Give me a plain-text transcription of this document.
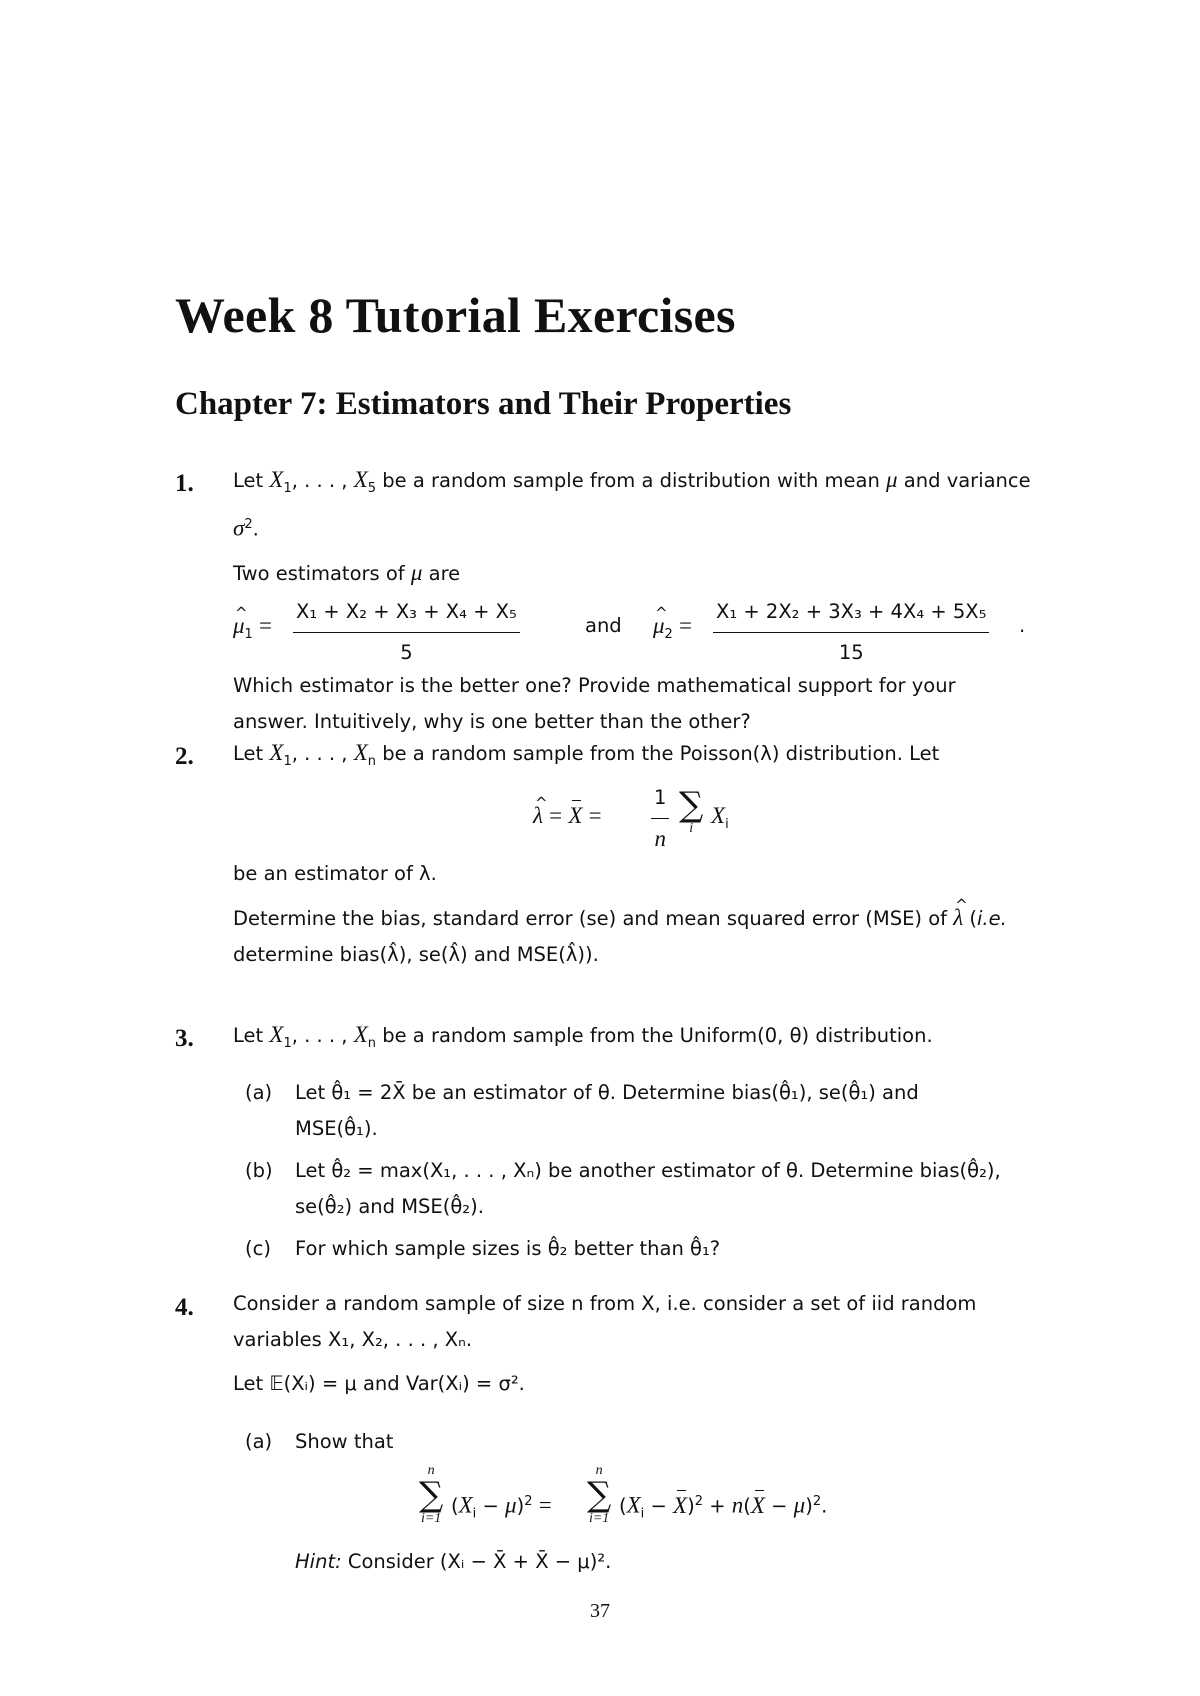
Week 8 Tutorial Exercises
Chapter 7: Estimators and Their Properties
1. Let $X_1$, . . . , $X_5$ be a random sample from a distribution with mean μ and variance $\sigma^2$.

Two estimators of μ are

^ $\mu_1 = \frac{\text{X₁ + X₂ + X₃ + X₄ + X₅}}{5}$	and ^ $\mu_2 = \frac{\text{X₁ + 2X₂ + 3X₃ + 4X₄ + 5X₅}}{15}$ .

Which estimator is the better one? Provide mathematical support for your answer. Intuitively, why is one better than the other?

2. Let $X_1$, . . . , $X_n$ be a random sample from the Poisson(λ) distribution. Let

^ λ = X =	$\frac{1}{n}$ ∑
i
$X_i$

be an estimator of λ.

Determine the bias, standard error (se) and mean squared error (MSE) of ^ λ (i.e. determine bias(λ̂), se(λ̂) and MSE(λ̂)).

3. Let $X_1$, . . . , $X_n$ be a random sample from the Uniform(0, θ) distribution.

(a) Let θ̂₁ = 2X̄ be an estimator of θ. Determine bias(θ̂₁), se(θ̂₁) and

MSE(θ̂₁).

(b) Let θ̂₂ = max(X₁, . . . , Xₙ) be another estimator of θ. Determine bias(θ̂₂),

se(θ̂₂) and MSE(θ̂₂).

(c) For which sample sizes is θ̂₂ better than θ̂₁?

4. Consider a random sample of size n from X, i.e. consider a set of iid random

variables X₁, X₂, . . . , Xₙ.

Let 𝔼(Xᵢ) = μ and Var(Xᵢ) = σ².

(a) Show that

n
∑
i=1
$(X_i - \mu)^2$ =
n
∑
i=1
$(X_i - X)^2 + n(X - \mu)^2$.
Hint: Consider (Xᵢ − X̄ + X̄ − μ)².
37
